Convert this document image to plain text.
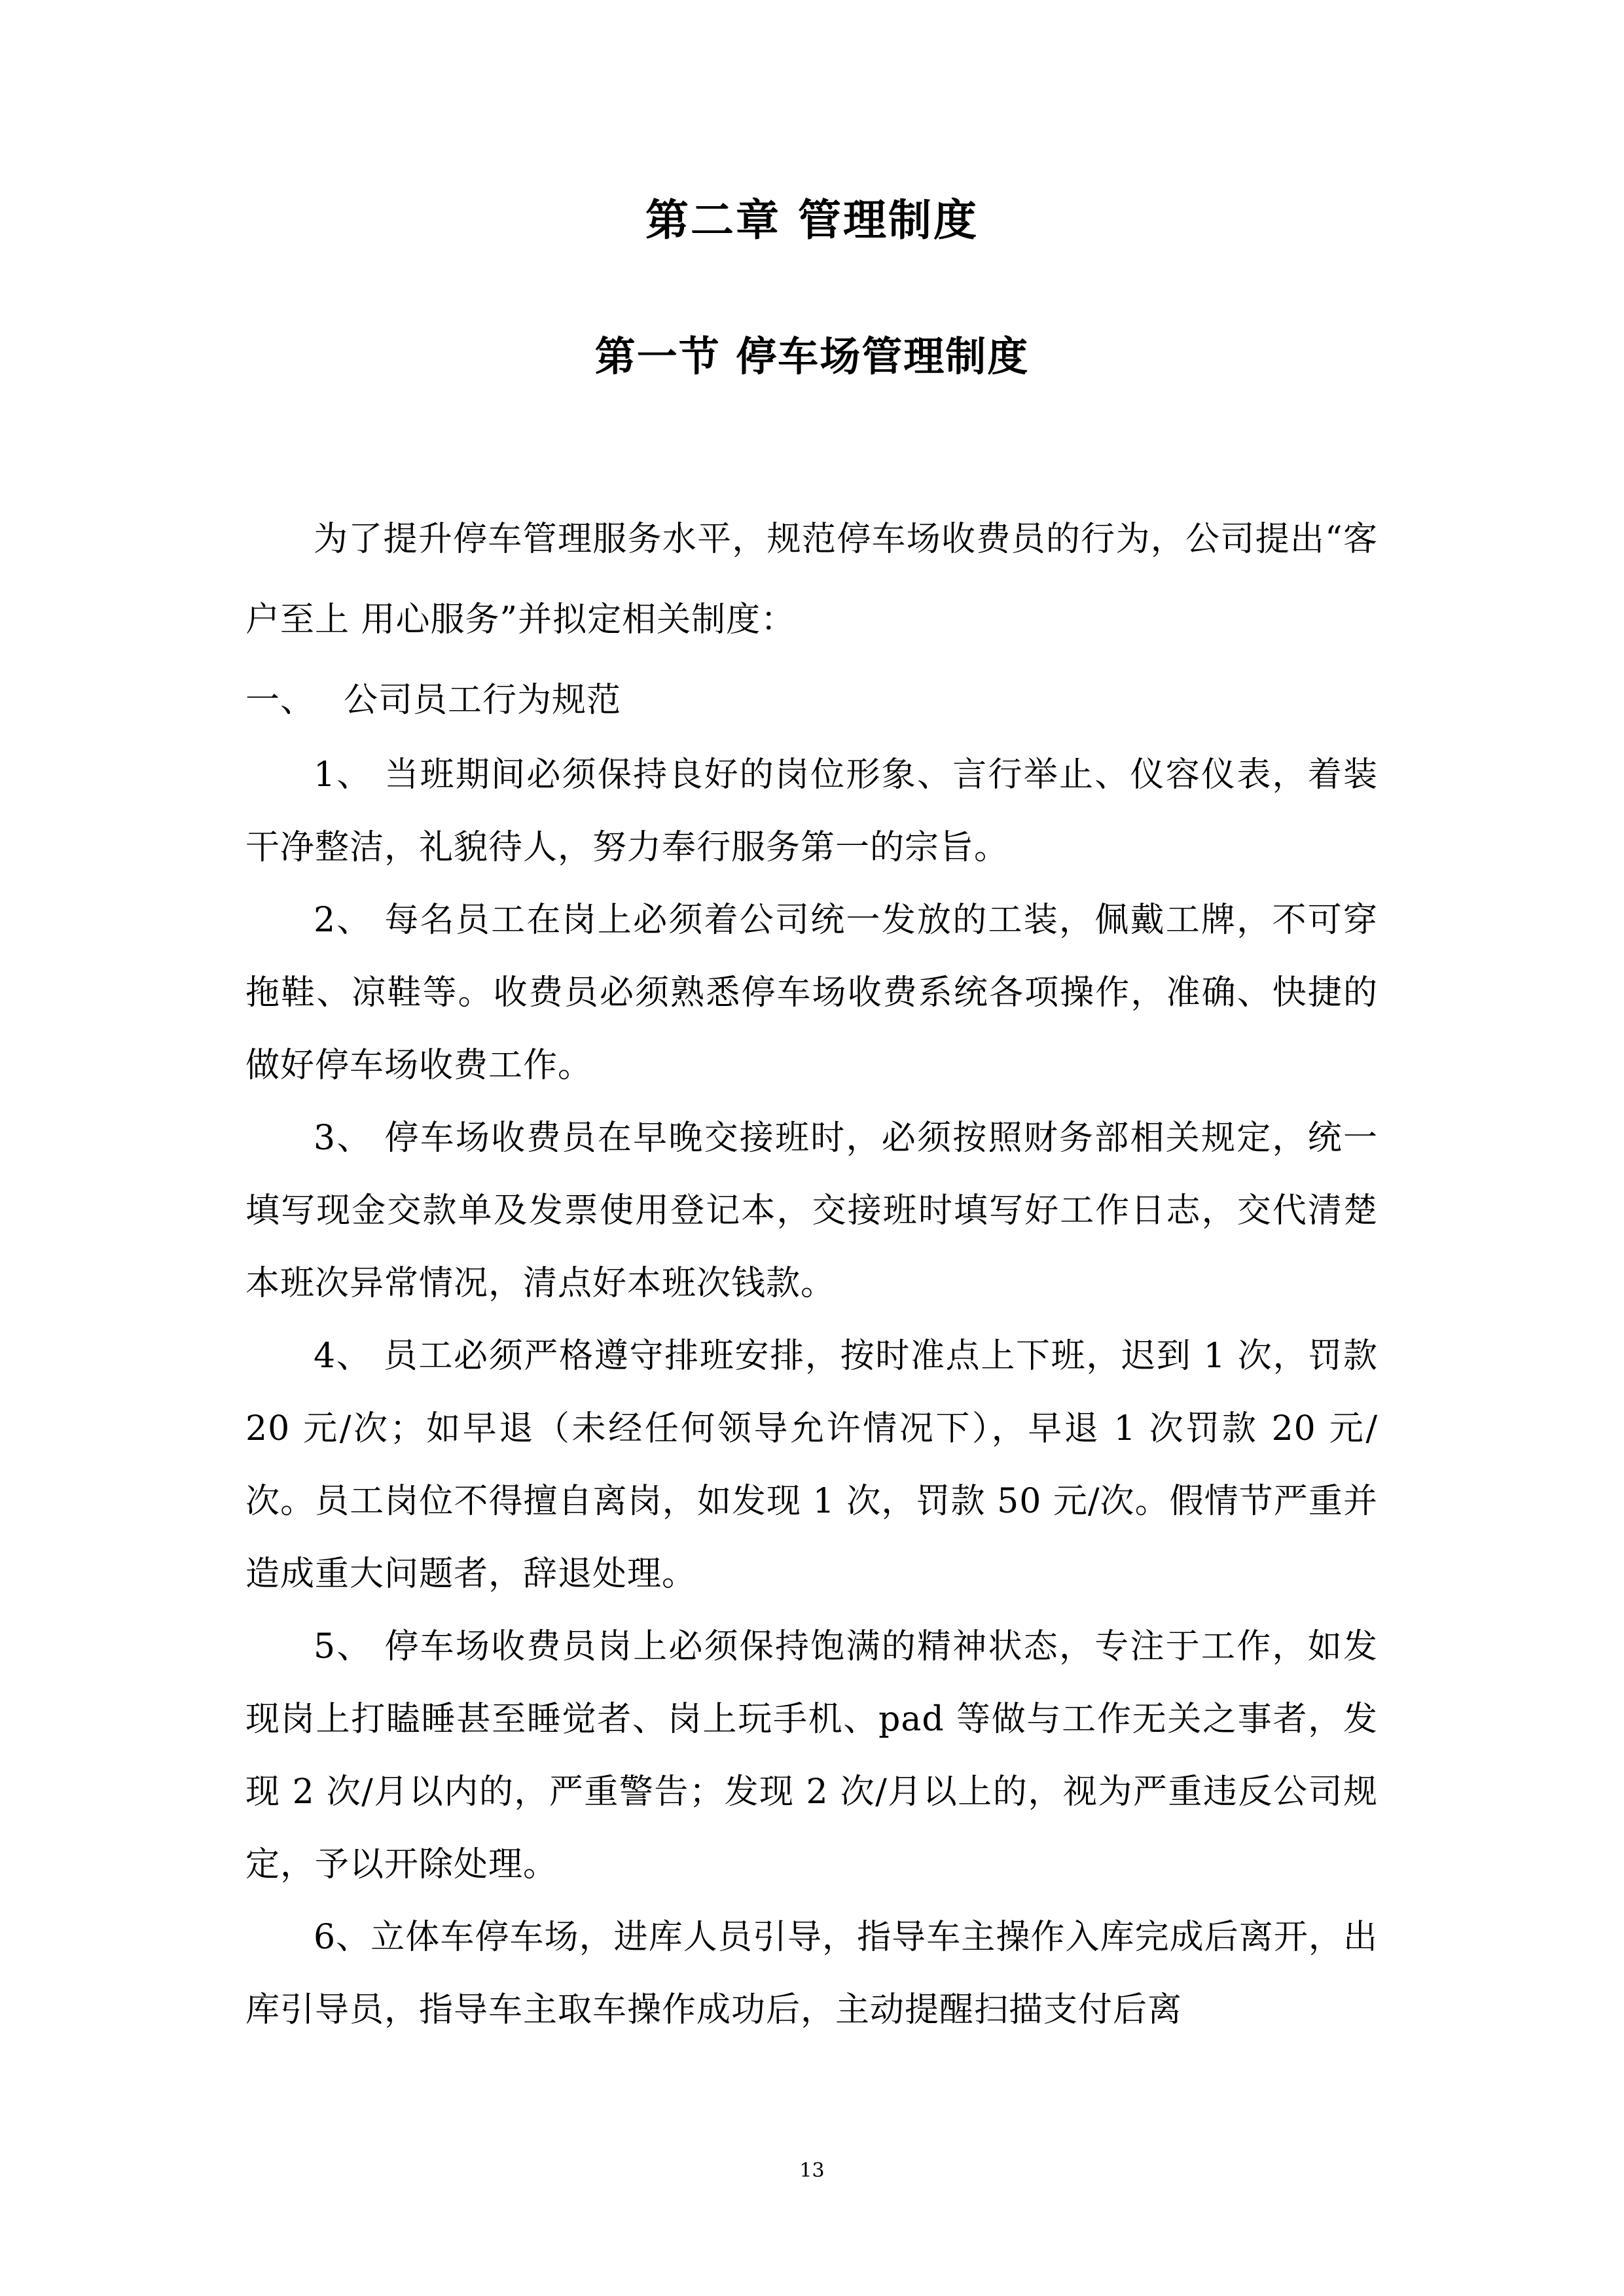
第二章 管理制度
第一节 停车场管理制度
为了提升停车管理服务水平，规范停车场收费员的行为，公司提出“客户至上 用心服务”并拟定相关制度：
一、 公司员工行为规范

1、 当班期间必须保持良好的岗位形象、言行举止、仪容仪表，着装干净整洁，礼貌待人，努力奉行服务第一的宗旨。

2、 每名员工在岗上必须着公司统一发放的工装，佩戴工牌，不可穿拖鞋、凉鞋等。收费员必须熟悉停车场收费系统各项操作，准确、快捷的做好停车场收费工作。

3、 停车场收费员在早晚交接班时，必须按照财务部相关规定，统一填写现金交款单及发票使用登记本，交接班时填写好工作日志，交代清楚本班次异常情况，清点好本班次钱款。

4、 员工必须严格遵守排班安排，按时准点上下班，迟到 1 次，罚款 20 元/次；如早退（未经任何领导允许情况下），早退 1 次罚款 20 元/次。员工岗位不得擅自离岗，如发现 1 次，罚款 50 元/次。假情节严重并造成重大问题者，辞退处理。

5、 停车场收费员岗上必须保持饱满的精神状态，专注于工作，如发现岗上打瞌睡甚至睡觉者、岗上玩手机、pad 等做与工作无关之事者，发现 2 次/月以内的，严重警告；发现 2 次/月以上的，视为严重违反公司规定，予以开除处理。

6、立体车停车场，进库人员引导，指导车主操作入库完成后离开，出库引导员，指导车主取车操作成功后，主动提醒扫描支付后离

13
